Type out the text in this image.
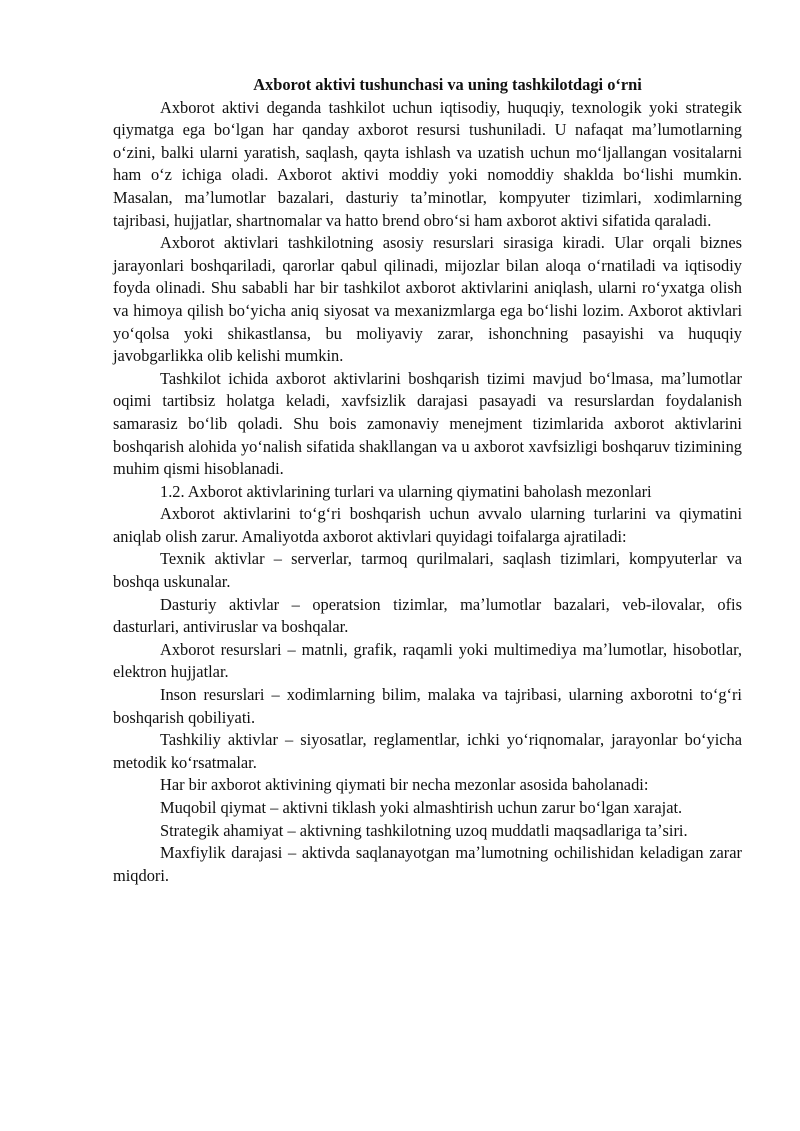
Axborot aktivi tushunchasi va uning tashkilotdagi oʻrni

Axborot aktivi deganda tashkilot uchun iqtisodiy, huquqiy, texnologik yoki strategik qiymatga ega boʻlgan har qanday axborot resursi tushuniladi. U nafaqat maʼlumotlarning oʻzini, balki ularni yaratish, saqlash, qayta ishlash va uzatish uchun moʻljallangan vositalarni ham oʻz ichiga oladi. Axborot aktivi moddiy yoki nomoddiy shaklda boʻlishi mumkin. Masalan, maʼlumotlar bazalari, dasturiy taʼminotlar, kompyuter tizimlari, xodimlarning tajribasi, hujjatlar, shartnomalar va hatto brend obroʻsi ham axborot aktivi sifatida qaraladi.

Axborot aktivlari tashkilotning asosiy resurslari sirasiga kiradi. Ular orqali biznes jarayonlari boshqariladi, qarorlar qabul qilinadi, mijozlar bilan aloqa oʻrnatiladi va iqtisodiy foyda olinadi. Shu sababli har bir tashkilot axborot aktivlarini aniqlash, ularni roʻyxatga olish va himoya qilish boʻyicha aniq siyosat va mexanizmlarga ega boʻlishi lozim. Axborot aktivlari yoʻqolsa yoki shikastlansa, bu moliyaviy zarar, ishonchning pasayishi va huquqiy javobgarlikka olib kelishi mumkin.

Tashkilot ichida axborot aktivlarini boshqarish tizimi mavjud boʻlmasa, maʼlumotlar oqimi tartibsiz holatga keladi, xavfsizlik darajasi pasayadi va resurslardan foydalanish samarasiz boʻlib qoladi. Shu bois zamonaviy menejment tizimlarida axborot aktivlarini boshqarish alohida yoʻnalish sifatida shakllangan va u axborot xavfsizligi boshqaruv tizimining muhim qismi hisoblanadi.

1.2. Axborot aktivlarining turlari va ularning qiymatini baholash mezonlari

Axborot aktivlarini toʻgʻri boshqarish uchun avvalo ularning turlarini va qiymatini aniqlab olish zarur. Amaliyotda axborot aktivlari quyidagi toifalarga ajratiladi:

Texnik aktivlar – serverlar, tarmoq qurilmalari, saqlash tizimlari, kompyuterlar va boshqa uskunalar.

Dasturiy aktivlar – operatsion tizimlar, maʼlumotlar bazalari, veb-ilovalar, ofis dasturlari, antiviruslar va boshqalar.

Axborot resurslari – matnli, grafik, raqamli yoki multimediya maʼlumotlar, hisobotlar, elektron hujjatlar.

Inson resurslari – xodimlarning bilim, malaka va tajribasi, ularning axborotni toʻgʻri boshqarish qobiliyati.

Tashkiliy aktivlar – siyosatlar, reglamentlar, ichki yoʻriqnomalar, jarayonlar boʻyicha metodik koʻrsatmalar.

Har bir axborot aktivining qiymati bir necha mezonlar asosida baholanadi:

Muqobil qiymat – aktivni tiklash yoki almashtirish uchun zarur boʻlgan xarajat.

Strategik ahamiyat – aktivning tashkilotning uzoq muddatli maqsadlariga taʼsiri.

Maxfiylik darajasi – aktivda saqlanayotgan maʼlumotning ochilishidan keladigan zarar miqdori.
